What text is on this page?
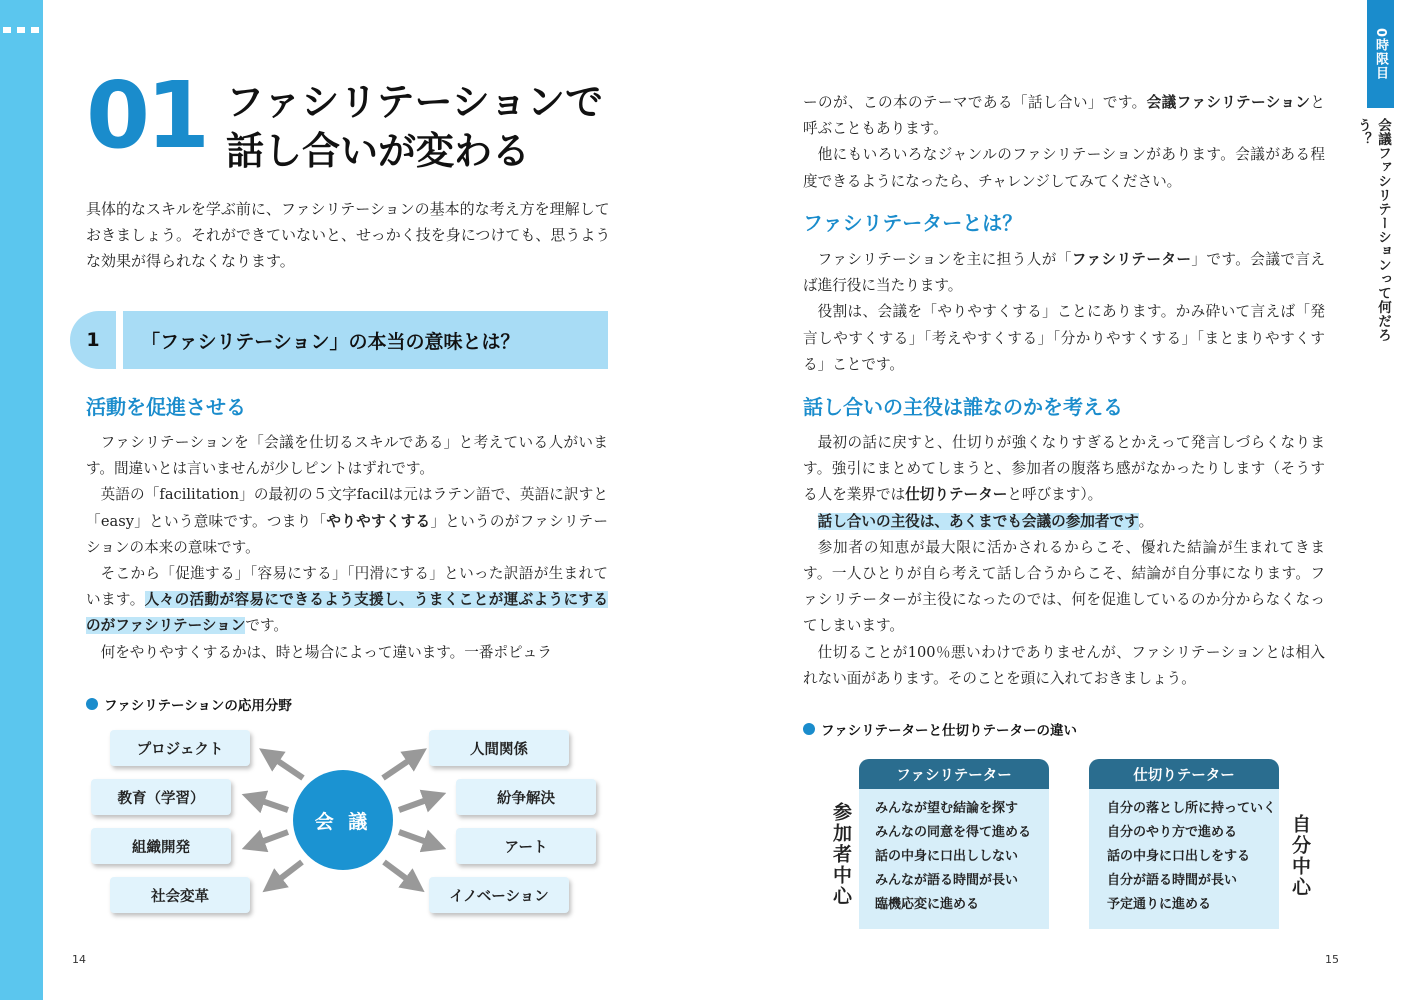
01 ファシリテーションで
話し合いが変わる
具体的なスキルを学ぶ前に、ファシリテーションの基本的な考え方を理解しておきましょう。それができていないと、せっかく技を身につけても、思うような効果が得られなくなります。
1	「ファシリテーション」の本当の意味とは？
活動を促進させる

ファシリテーションを「会議を仕切るスキルである」と考えている人がいます。間違いとは言いませんが少しピントはずれです。

英語の「facilitation」の最初の５文字facilは元はラテン語で、英語に訳すと「easy」という意味です。つまり「やりやすくする」というのがファシリテーションの本来の意味です。

そこから「促進する」「容易にする」「円滑にする」といった訳語が生まれています。人々の活動が容易にできるよう支援し、うまくことが運ぶようにするのがファシリテーションです。

何をやりやすくするかは、時と場合によって違います。一番ポピュラ

ファシリテーションの応用分野
会 議
プロジェクト
教育（学習）
組織開発
社会変革
人間関係
紛争解決
アート
イノベーション
14
0時限目
会議ファシリテーションって何だろう？

ーのが、この本のテーマである「話し合い」です。会議ファシリテーションと呼ぶこともあります。

他にもいろいろなジャンルのファシリテーションがあります。会議がある程度できるようになったら、チャレンジしてみてください。

ファシリテーターとは？

ファシリテーションを主に担う人が「ファシリテーター」です。会議で言えば進行役に当たります。

役割は、会議を「やりやすくする」ことにあります。かみ砕いて言えば「発言しやすくする」「考えやすくする」「分かりやすくする」「まとまりやすくする」ことです。

話し合いの主役は誰なのかを考える

最初の話に戻すと、仕切りが強くなりすぎるとかえって発言しづらくなります。強引にまとめてしまうと、参加者の腹落ち感がなかったりします（そうする人を業界では仕切りテーターと呼びます）。

話し合いの主役は、あくまでも会議の参加者です。

参加者の知恵が最大限に活かされるからこそ、優れた結論が生まれてきます。一人ひとりが自ら考えて話し合うからこそ、結論が自分事になります。ファシリテーターが主役になったのでは、何を促進しているのか分からなくなってしまいます。

仕切ることが100％悪いわけでありませんが、ファシリテーションとは相入れない面があります。そのことを頭に入れておきましょう。

ファシリテーターと仕切りテーターの違い
参加者中心	自分中心
ファシリテーター
みんなが望む結論を探す
みんなの同意を得て進める
話の中身に口出ししない
みんなが語る時間が長い
臨機応変に進める
仕切りテーター
自分の落とし所に持っていく
自分のやり方で進める
話の中身に口出しをする
自分が語る時間が長い
予定通りに進める
15
